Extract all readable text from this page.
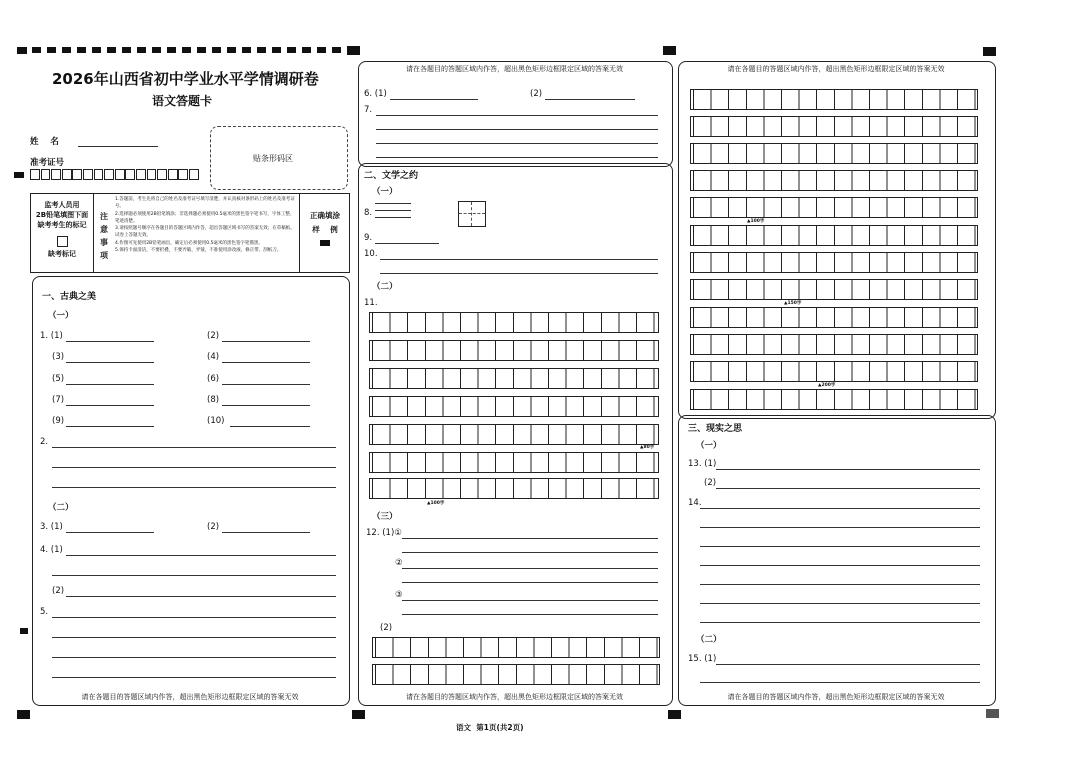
2026年山西省初中学业水平学情调研卷
语文答题卡
姓    名
准考证号	贴条形码区
监考人员用
2B铅笔填图下面
缺考考生的标记
缺考标记
注
意
事
项
1.答题前，考生先将自己的姓名及准考证号填写清楚，并认真核对条形码上的姓名及准考证号。
2.选择题必须使用2B铅笔填涂；非选择题必须使用0.5毫米的黑色签字笔书写，字体工整、笔迹清楚。
3.请按照题号顺序在各题目的答题区域内作答，超出答题区域书写的答案无效；在草稿纸、试卷上答题无效。
4.作图可先使用2B铅笔画出，确定后必须使用0.5毫米的黑色签字笔描黑。
5.保持卡面清洁，不要折叠，不要弄破、弄皱，不准使用涂改液、修正带、刮纸刀。
正确填涂
样    例
一、古典之美
（一）
1. (1)	(2)
(3)	(4)
(5)	(6)
(7)	(8)
(9)	(10)
2.
（二）
3. (1)	(2)
4. (1)
(2)
5.
请在各题目的答题区域内作答，超出黑色矩形边框限定区域的答案无效
请在各题目的答题区域内作答，超出黑色矩形边框限定区域的答案无效
6. (1)	(2)
7.
二、文学之约
（一）
8.
9.
10.
（二）
11.
▲80字
▲100字
（三）
12. (1)①
②
③
(2)
请在各题目的答题区域内作答，超出黑色矩形边框限定区域的答案无效
请在各题目的答题区域内作答，超出黑色矩形边框限定区域的答案无效
▲100字
▲150字
▲200字
三、现实之思
（一）
13. (1)
(2)
14.
（二）
15. (1)
请在各题目的答题区域内作答，超出黑色矩形边框限定区域的答案无效
语文  第1页(共2页)
